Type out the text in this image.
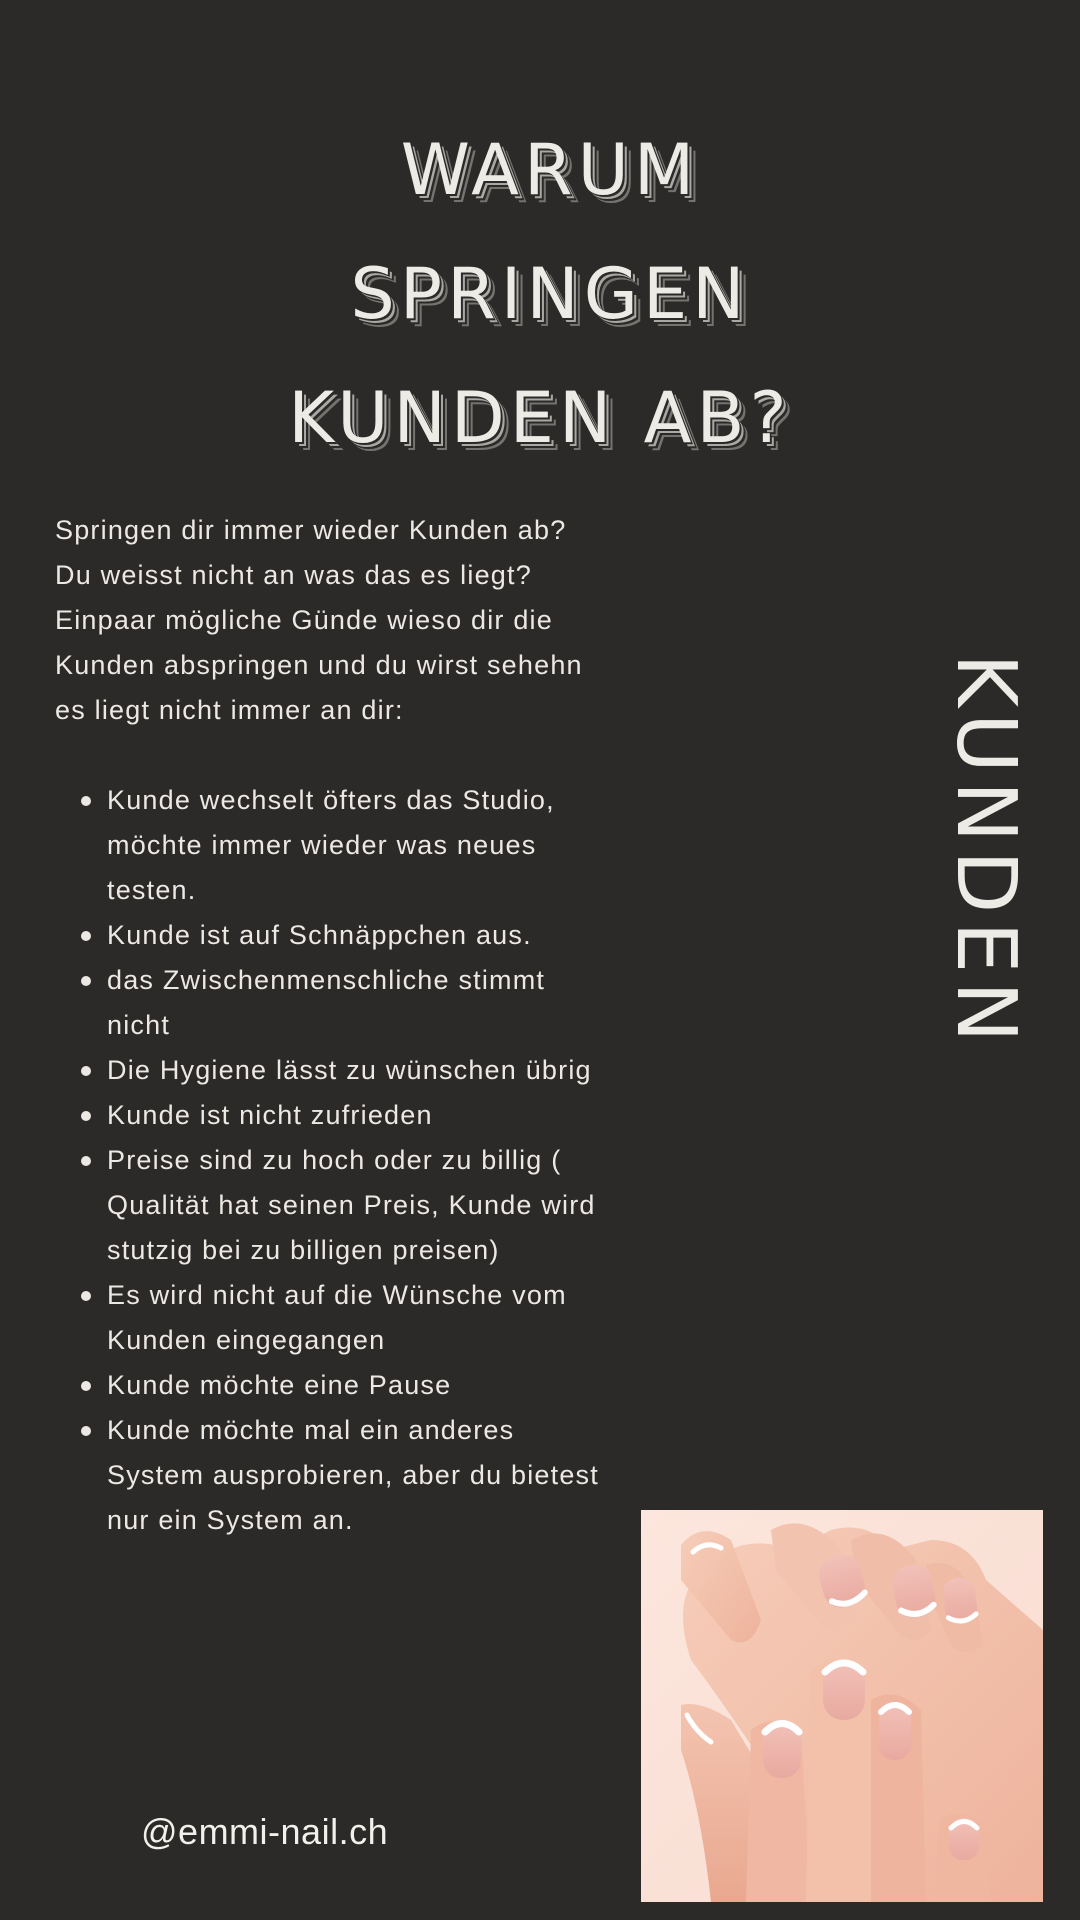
WARUM
SPRINGEN
KUNDEN AB?

Springen dir immer wieder Kunden ab?
Du weisst nicht an was das es liegt?
Einpaar mögliche Günde wieso dir die
Kunden abspringen und du wirst sehehn
es liegt nicht immer an dir:

Kunde wechselt öfters das Studio,
möchte immer wieder was neues
testen.
Kunde ist auf Schnäppchen aus.
das Zwischenmenschliche stimmt
nicht
Die Hygiene lässt zu wünschen übrig
Kunde ist nicht zufrieden
Preise sind zu hoch oder zu billig (
Qualität hat seinen Preis, Kunde wird
stutzig bei zu billigen preisen)
Es wird nicht auf die Wünsche vom
Kunden eingegangen
Kunde möchte eine Pause
Kunde möchte mal ein anderes
System ausprobieren, aber du bietest
nur ein System an.
KUNDEN
@emmi-nail.ch
